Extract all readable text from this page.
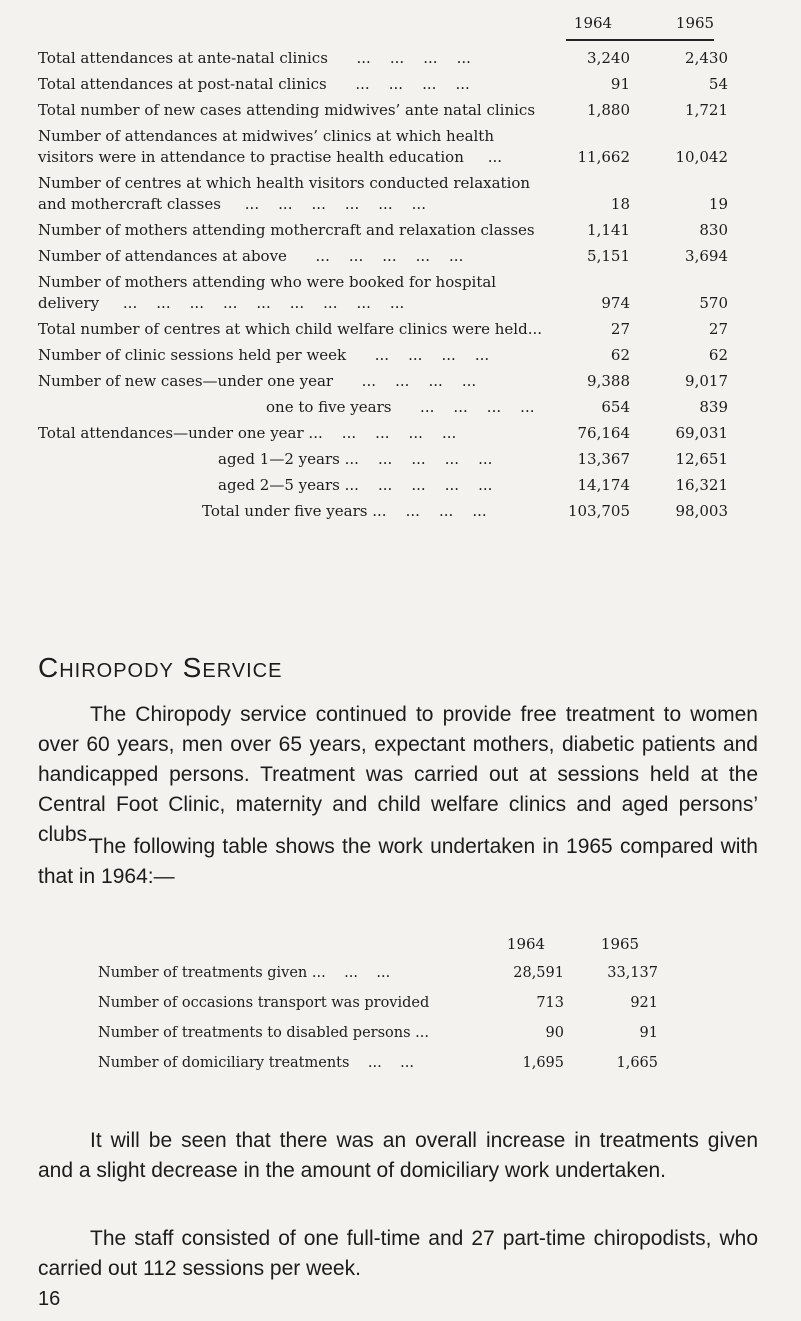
1964	1965
Total attendances at ante-natal clinics      ...    ...    ...    ...	3,240	2,430
Total attendances at post-natal clinics      ...    ...    ...    ...	91	54
Total number of new cases attending midwives’ ante natal clinics	1,880	1,721
Number of attendances at midwives’ clinics at which health
visitors were in attendance to practise health education     ...	11,662	10,042
Number of centres at which health visitors conducted relaxation
and mothercraft classes     ...    ...    ...    ...    ...    ...	18	19
Number of mothers attending mothercraft and relaxation classes	1,141	830
Number of attendances at above      ...    ...    ...    ...    ...	5,151	3,694
Number of mothers attending who were booked for hospital
delivery     ...    ...    ...    ...    ...    ...    ...    ...    ...	974	570
Total number of centres at which child welfare clinics were held...	27	27
Number of clinic sessions held per week      ...    ...    ...    ...	62	62
Number of new cases—under one year      ...    ...    ...    ...	9,388	9,017
one to five years      ...    ...    ...    ...	654	839
Total attendances—under one year ...    ...    ...    ...    ...	76,164	69,031
aged 1—2 years ...    ...    ...    ...    ...	13,367	12,651
aged 2—5 years ...    ...    ...    ...    ...	14,174	16,321
Total under five years ...    ...    ...    ...	103,705	98,003
Chiropody Service
The Chiropody service continued to provide free treatment to women over 60 years, men over 65 years, expectant mothers, diabetic patients and handicapped persons. Treatment was carried out at sessions held at the Central Foot Clinic, maternity and child welfare clinics and aged persons’ clubs.
The following table shows the work undertaken in 1965 compared with that in 1964:—
1964	1965
Number of treatments given ...    ...    ...	28,591	33,137
Number of occasions transport was provided	713	921
Number of treatments to disabled persons ...	90	91
Number of domiciliary treatments    ...    ...	1,695	1,665
It will be seen that there was an overall increase in treatments given and a slight decrease in the amount of domiciliary work undertaken.
The staff consisted of one full-time and 27 part-time chiropodists, who carried out 112 sessions per week.
16
